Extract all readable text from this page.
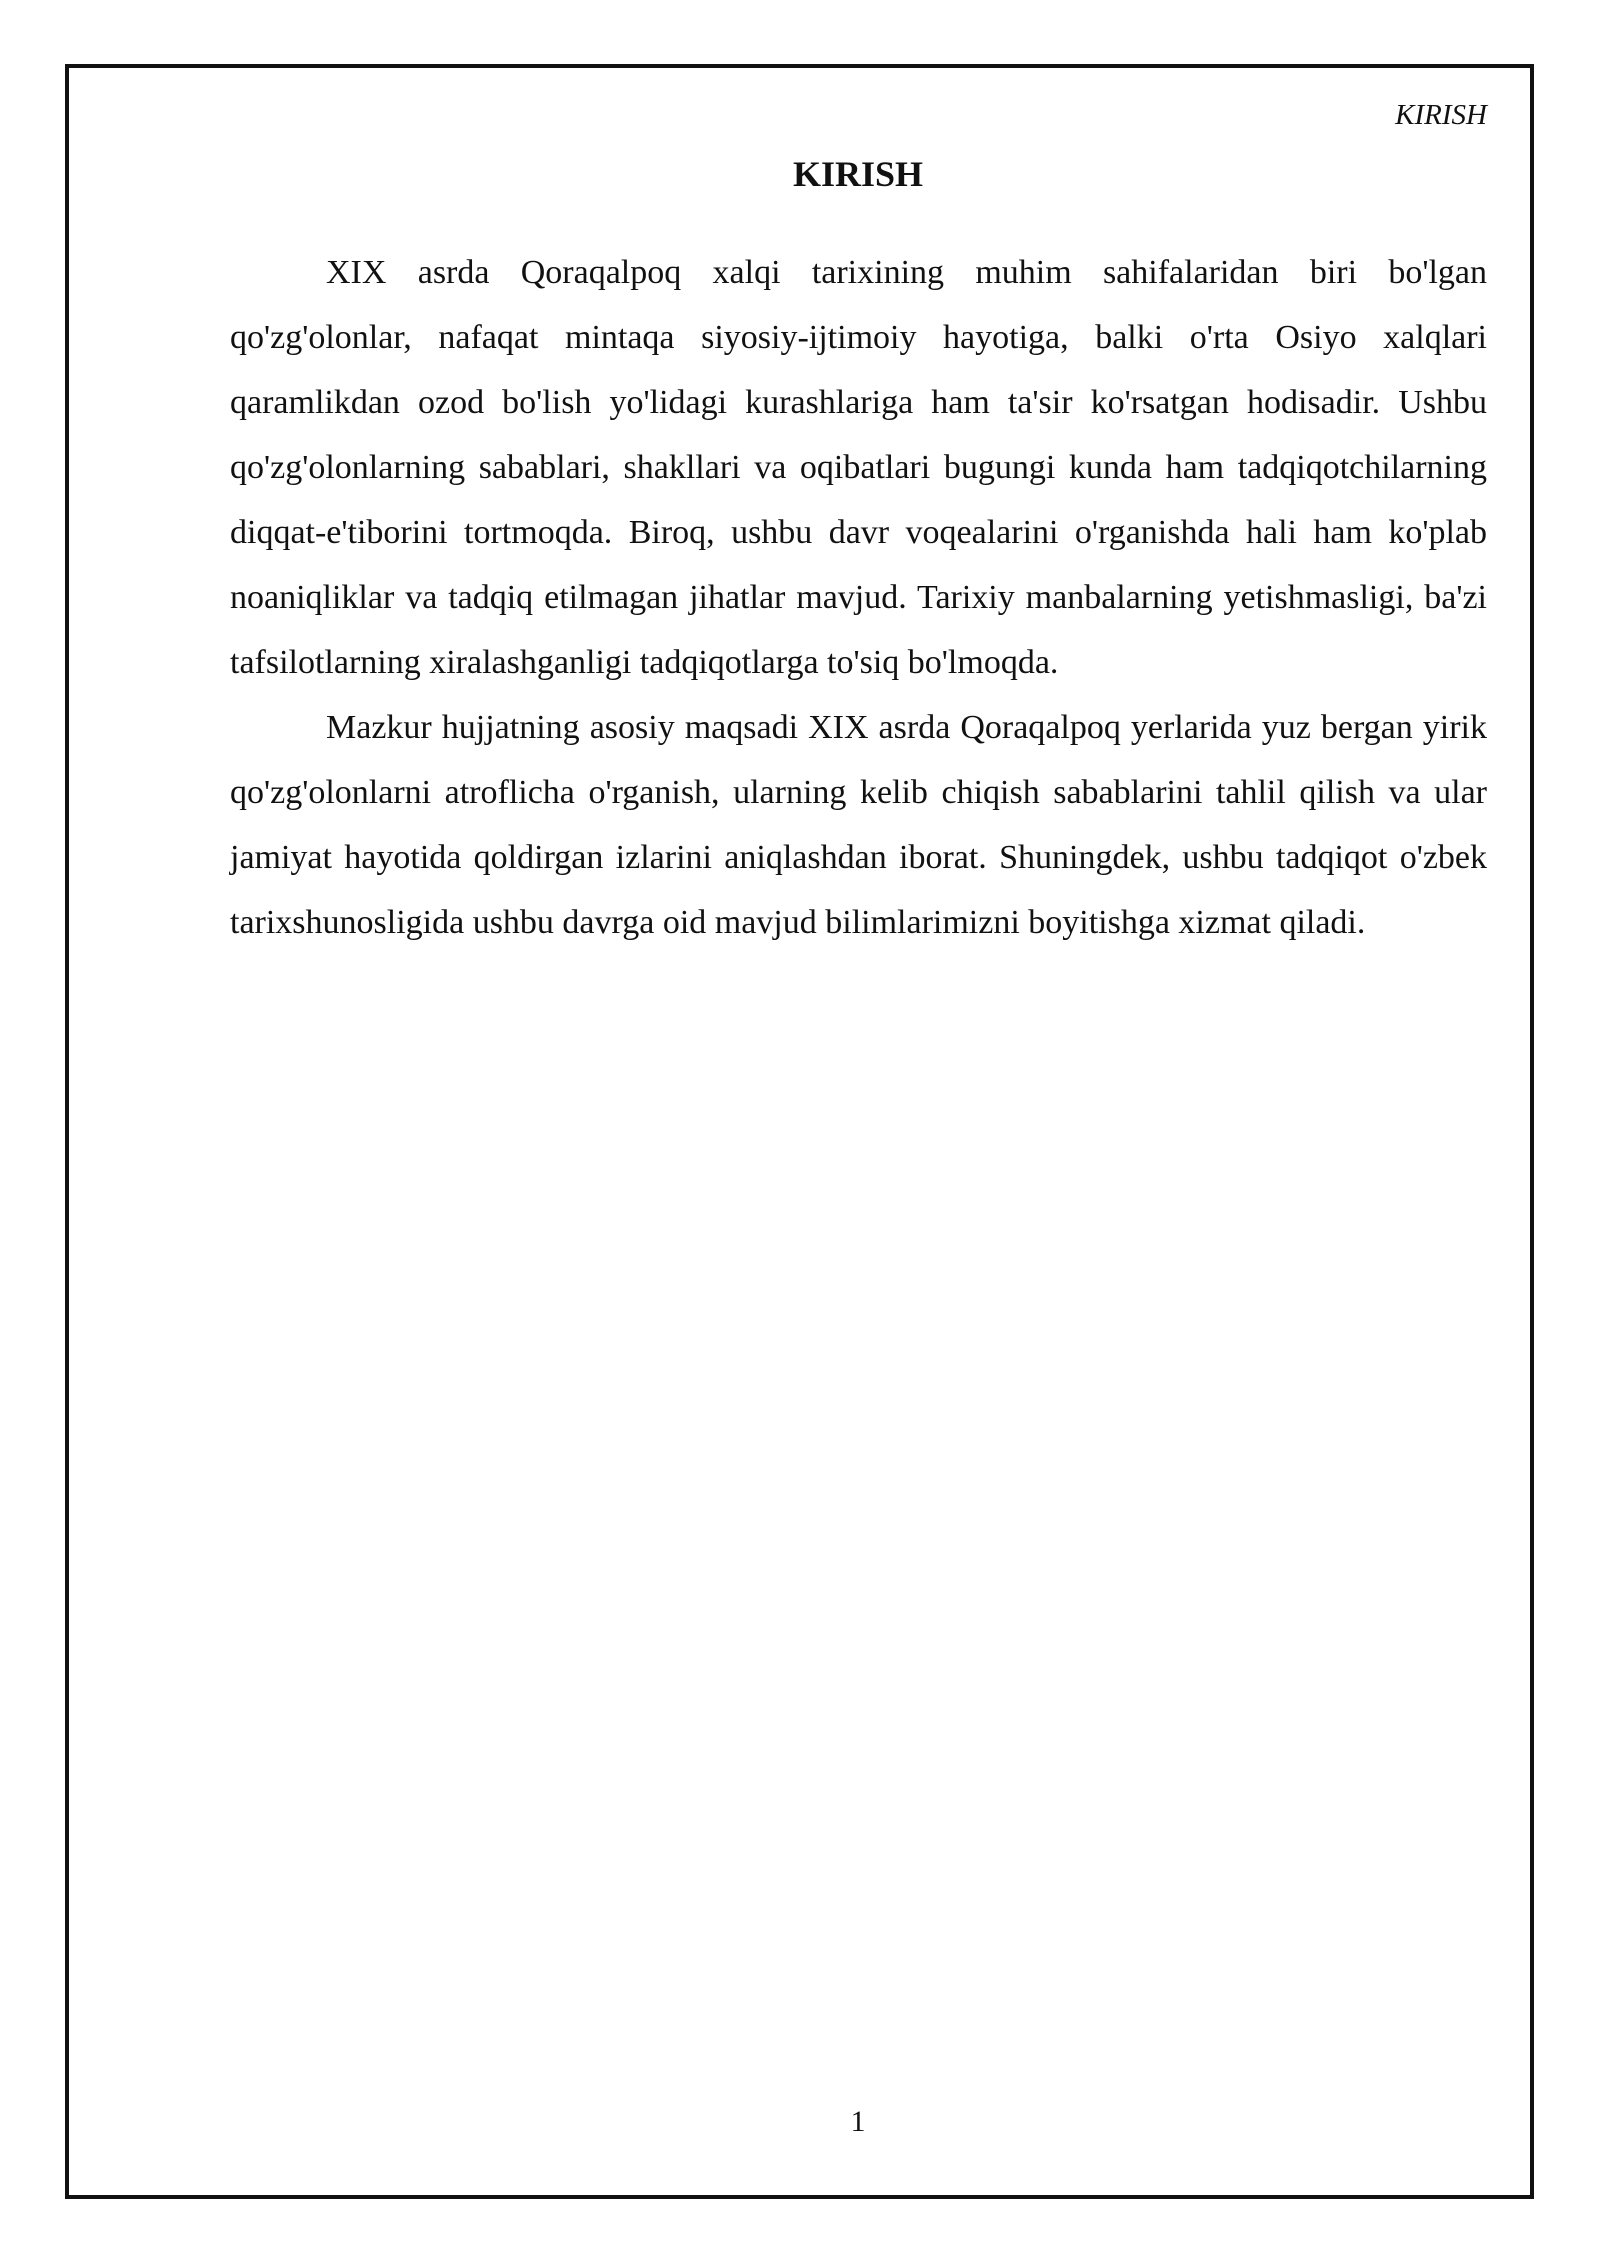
KIRISH
KIRISH

XIX asrda Qoraqalpoq xalqi tarixining muhim sahifalaridan biri bo'lgan qo'zg'olonlar, nafaqat mintaqa siyosiy-ijtimoiy hayotiga, balki o'rta Osiyo xalqlari qaramlikdan ozod bo'lish yo'lidagi kurashlariga ham ta'sir ko'rsatgan hodisadir. Ushbu qo'zg'olonlarning sabablari, shakllari va oqibatlari bugungi kunda ham tadqiqotchilarning diqqat-e'tiborini tortmoqda. Biroq, ushbu davr voqealarini o'rganishda hali ham ko'plab noaniqliklar va tadqiq etilmagan jihatlar mavjud. Tarixiy manbalarning yetishmasligi, ba'zi tafsilotlarning xiralashganligi tadqiqotlarga to'siq bo'lmoqda.

Mazkur hujjatning asosiy maqsadi XIX asrda Qoraqalpoq yerlarida yuz bergan yirik qo'zg'olonlarni atroflicha o'rganish, ularning kelib chiqish sabablarini tahlil qilish va ular jamiyat hayotida qoldirgan izlarini aniqlashdan iborat. Shuningdek, ushbu tadqiqot o'zbek tarixshunosligida ushbu davrga oid mavjud bilimlarimizni boyitishga xizmat qiladi.

1
